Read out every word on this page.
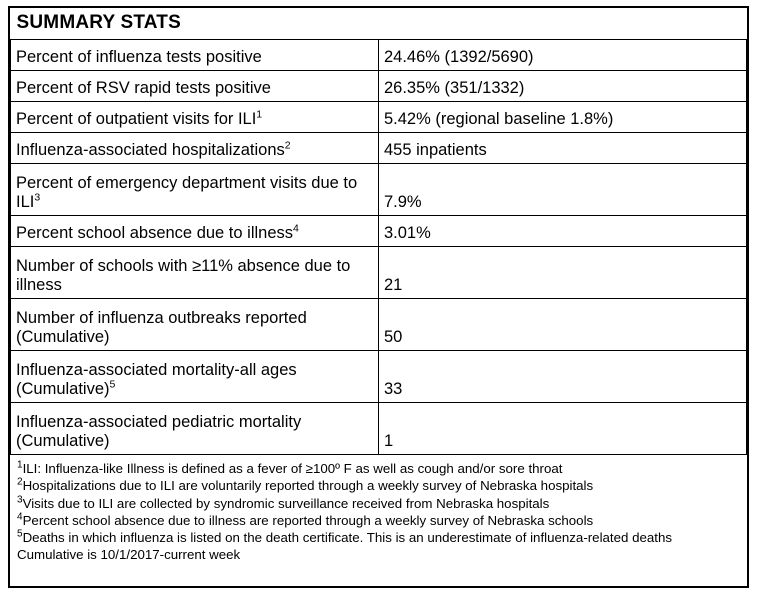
SUMMARY STATS	
Percent of influenza tests positive	24.46% (1392/5690)
Percent of RSV rapid tests positive	26.35% (351/1332)
Percent of outpatient visits for ILI$^1$	5.42% (regional baseline 1.8%)
Influenza-associated hospitalizations$^2$	455 inpatients
Percent of emergency department visits due to ILI$^3$	7.9%
Percent school absence due to illness$^4$	3.01%
Number of schools with ≥11% absence due to illness	21
Number of influenza outbreaks reported (Cumulative)	50
Influenza-associated mortality-all ages (Cumulative)$^5$	33
Influenza-associated pediatric mortality (Cumulative)	1
$^1$ILI: Influenza-like Illness is defined as a fever of ≥100º F as well as cough and/or sore throat
$^2$Hospitalizations due to ILI are voluntarily reported through a weekly survey of Nebraska hospitals
$^3$Visits due to ILI are collected by syndromic surveillance received from Nebraska hospitals
$^4$Percent school absence due to illness are reported through a weekly survey of Nebraska schools
$^5$Deaths in which influenza is listed on the death certificate. This is an underestimate of influenza-related deaths
Cumulative is 10/1/2017-current week
